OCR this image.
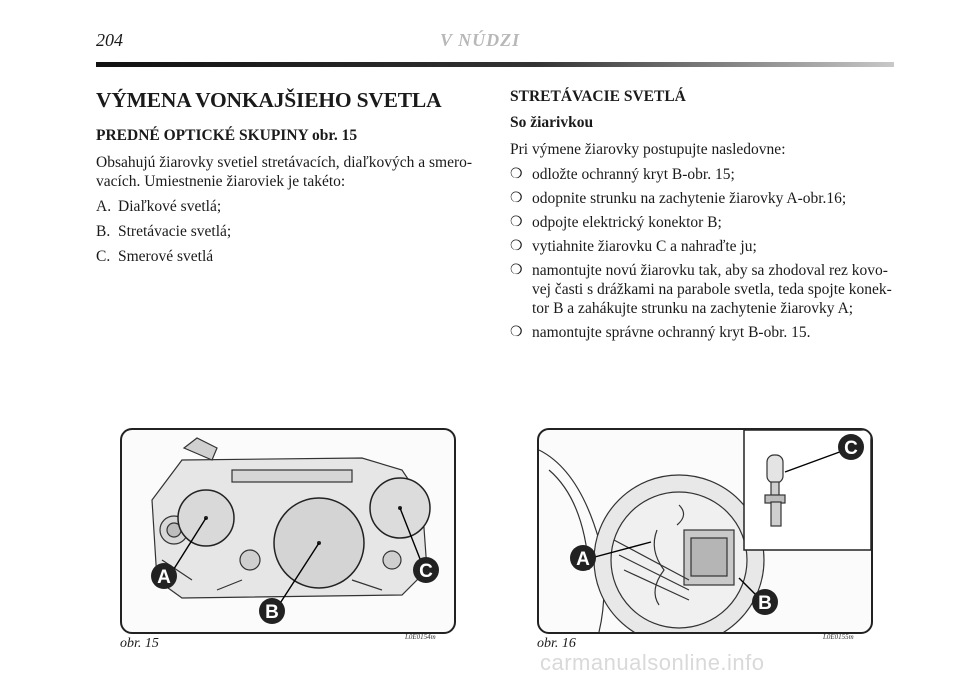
204	V NÚDZI
VÝMENA VONKAJŠIEHO SVETLA
PREDNÉ OPTICKÉ SKUPINY obr. 15

Obsahujú žiarovky svetiel stretávacích, diaľkových a smero- vacích. Umiestnenie žiaroviek je takéto:

A. Diaľkové svetlá;
B. Stretávacie svetlá;
C. Smerové svetlá
STRETÁVACIE SVETLÁ
So žiarivkou

Pri výmene žiarovky postupujte nasledovne:

❍ odložte ochranný kryt B-obr. 15;
❍ odopnite strunku na zachytenie žiarovky A-obr.16;
❍ odpojte elektrický konektor B;
❍ vytiahnite žiarovku C a nahraďte ju;
❍ namontujte novú žiarovku tak, aby sa zhodoval rez kovo- vej časti s drážkami na parabole svetla, teda spojte konek- tor B a zahákujte strunku na zachytenie žiarovky A;
❍ namontujte správne ochranný kryt B-obr. 15.
A
B
C
obr. 15	L0E0154m
C
A
B
obr. 16	L0E0155m
carmanualsonline.info
